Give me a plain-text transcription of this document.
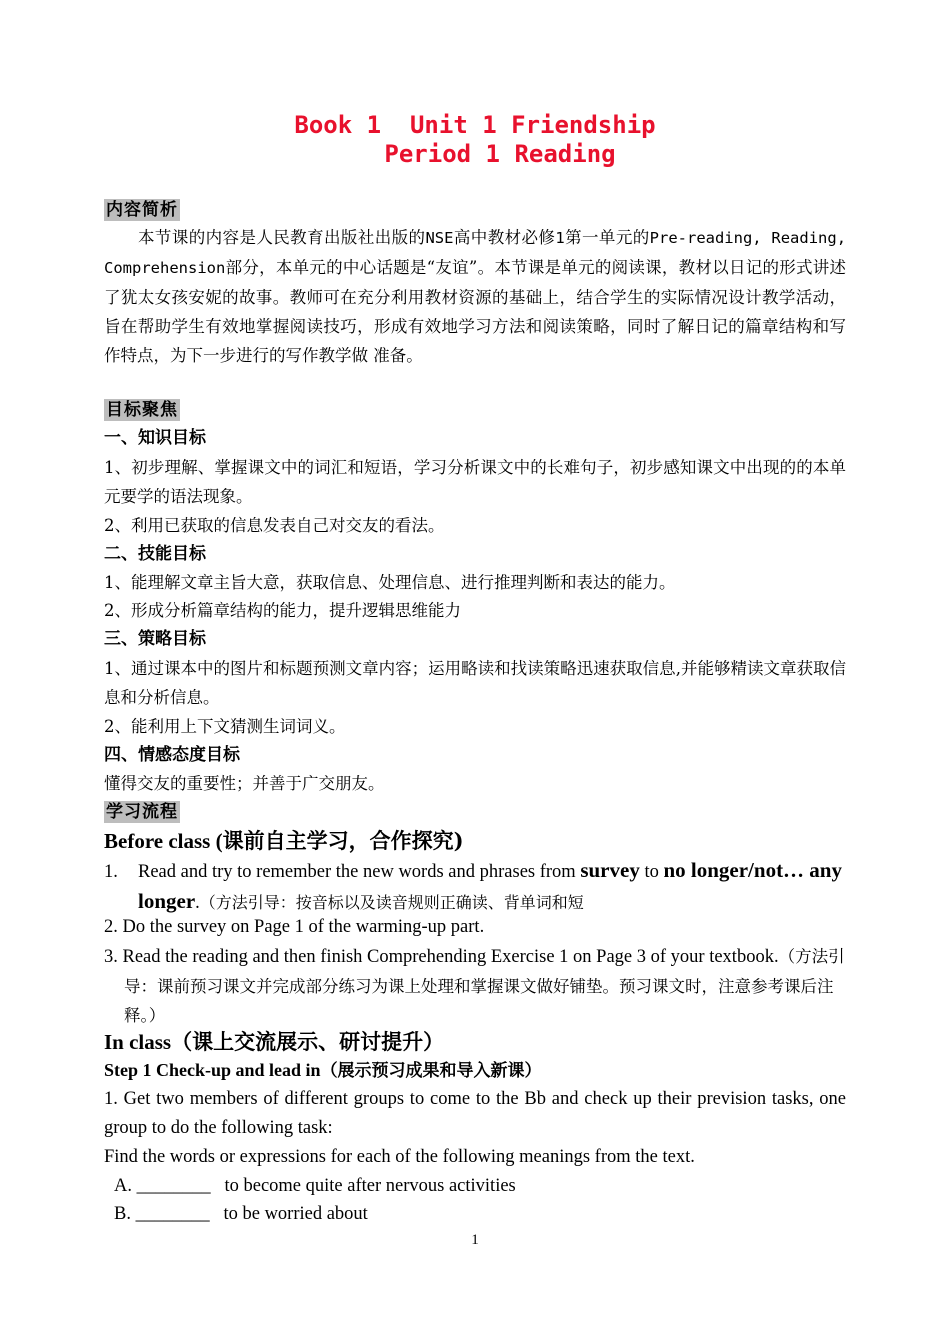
Book 1  Unit 1 Friendship
Period 1 Reading
内容简析
本节课的内容是人民教育出版社出版的NSE高中教材必修1第一单元的Pre-reading, Reading, Comprehension部分，本单元的中心话题是“友谊”。本节课是单元的阅读课，教材以日记的形式讲述了犹太女孩安妮的故事。教师可在充分利用教材资源的基础上，结合学生的实际情况设计教学活动，旨在帮助学生有效地掌握阅读技巧，形成有效地学习方法和阅读策略，同时了解日记的篇章结构和写作特点，为下一步进行的写作教学做 准备。
目标聚焦
一、知识目标
1、初步理解、掌握课文中的词汇和短语，学习分析课文中的长难句子，初步感知课文中出现的的本单元要学的语法现象。
2、利用已获取的信息发表自己对交友的看法。
二、技能目标
1、能理解文章主旨大意，获取信息、处理信息、进行推理判断和表达的能力。
2、形成分析篇章结构的能力，提升逻辑思维能力
三、策略目标
1、通过课本中的图片和标题预测文章内容；运用略读和找读策略迅速获取信息,并能够精读文章获取信息和分析信息。
2、能利用上下文猜测生词词义。
四、情感态度目标
懂得交友的重要性；并善于广交朋友。
学习流程
Before class (课前自主学习，合作探究)
1. Read and try to remember the new words and phrases from survey to no longer/not… any longer.（方法引导：按音标以及读音规则正确读、背单词和短
2. Do the survey on Page 1 of the warming-up part.
3. Read the reading and then finish Comprehending Exercise 1 on Page 3 of your textbook.（方法引导：课前预习课文并完成部分练习为课上处理和掌握课文做好铺垫。预习课文时，注意参考课后注释。）
In class（课上交流展示、研讨提升）
Step 1 Check-up and lead in（展示预习成果和导入新课）
1. Get two members of different groups to come to the Bb and check up their prevision tasks, one group to do the following task:
Find the words or expressions for each of the following meanings from the text.
A. ________   to become quite after nervous activities
B. ________   to be worried about
1
